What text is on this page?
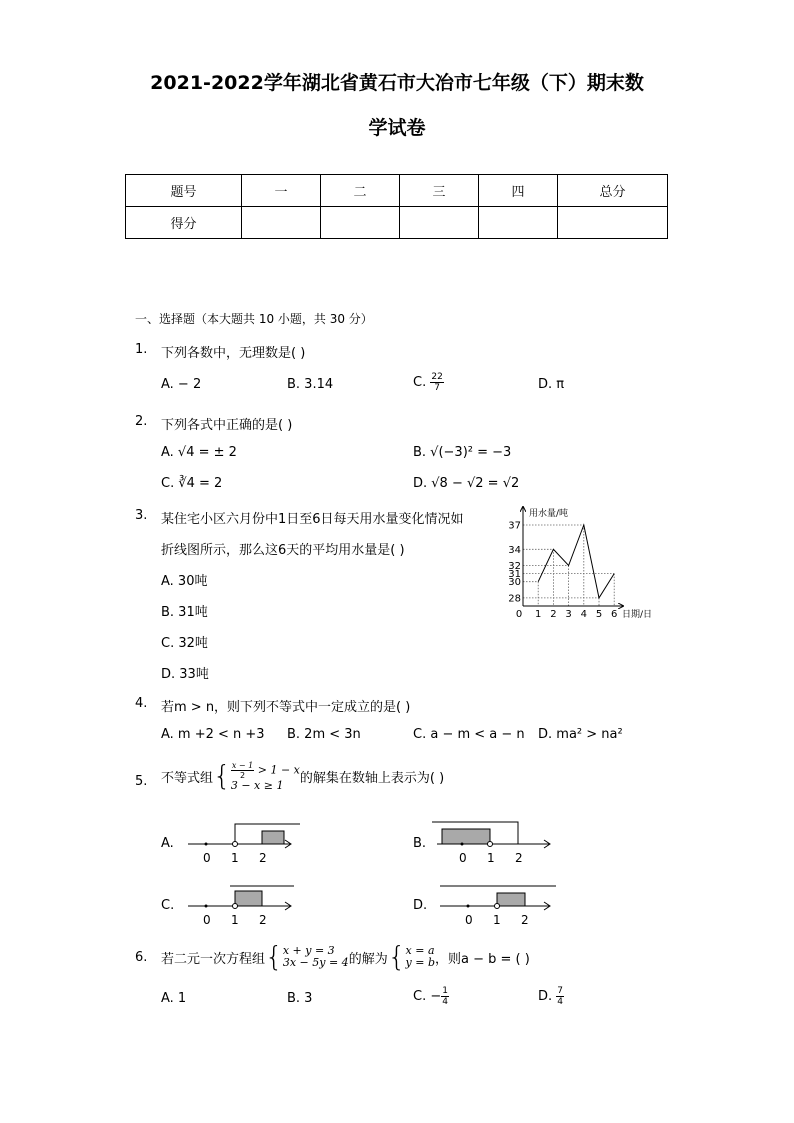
2021-2022学年湖北省黄石市大冶市七年级（下）期末数
学试卷
题号	一	二	三	四	总分
得分					
一、选择题（本大题共 10 小题，共 30 分）
1. 下列各数中，无理数是( )
A. − 2	B. 3.14	C. $\frac{22}{7}$	D. π
2. 下列各式中正确的是( )
A. √4 = ± 2	B. √(−3)² = −3
C. ∛4 = 2	D. √8 − √2 = √2
3. 某住宅小区六月份中1日至6日每天用水量变化情况如
折线图所示，那么这6天的平均用水量是( )
A. 30吨
B. 31吨
C. 32吨
D. 33吨
37
34
32
31
30
28
0 1 2 3 4 5 6
用水量/吨
日期/日
4. 若m > n，则下列不等式中一定成立的是( )
A. m +2 < n +3 B. 2m < 3n	C. a − m < a − n D. ma² > na²
5. 不等式组 { $\frac{x - 1}{2} > 1 - x$
3 − x ≥ 1	的解集在数轴上表示为( )
A.	B.
C.	D.
0 1 2	0 1 2
0 1 2	0 1 2
6. 若二元一次方程组 { x + y = 3
3x − 5y = 4 的解为 { x = a
y = b ，则a − b = ( )
A. 1	B. 3	C. − $\frac{1}{4}$	D. $\frac{7}{4}$
